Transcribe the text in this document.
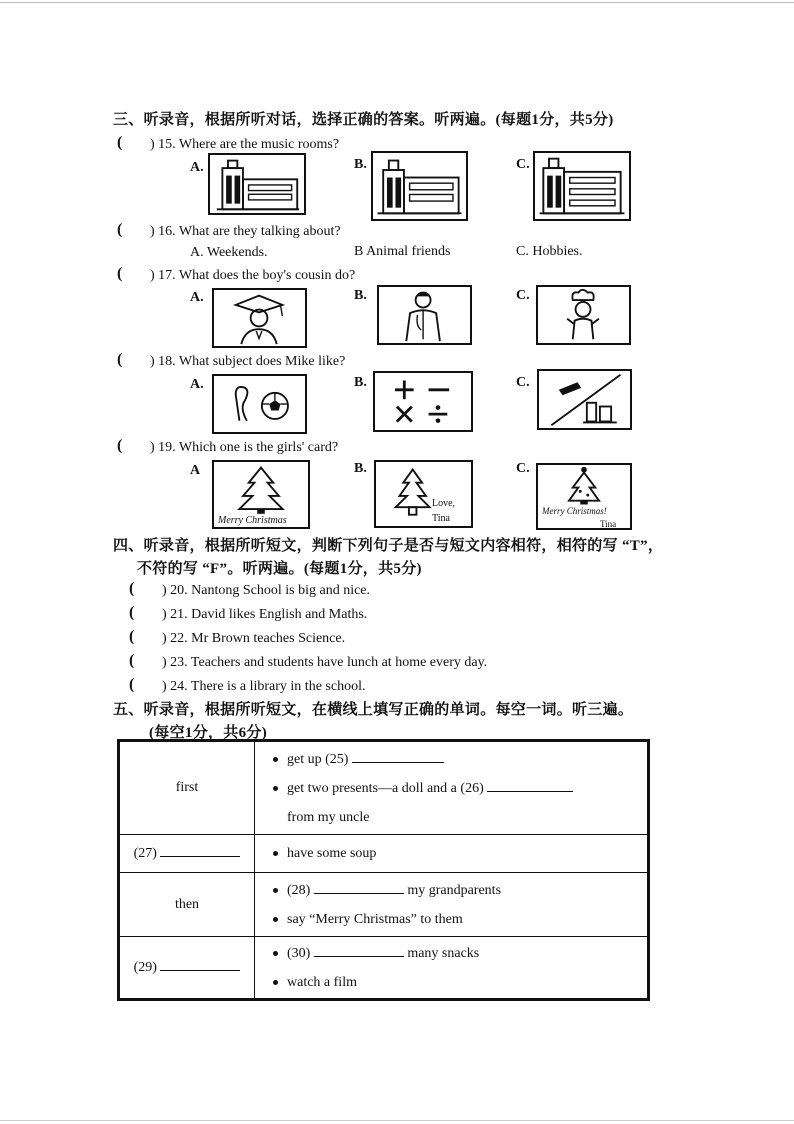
三、听录音，根据所听对话，选择正确的答案。听两遍。(每题1分，共5分)
( ) 15. Where are the music rooms?
A.	B.	C.
( ) 16. What are they talking about?
A. Weekends.	B Animal friends	C. Hobbies.
( ) 17. What does the boy's cousin do?
A.	B.	C.
( ) 18. What subject does Mike like?
A.	B.	C.
( ) 19. Which one is the girls' card?
A	B.	C.
Merry Christmas
Love,
Tina
Merry Christmas!
Tina
四、听录音，根据所听短文，判断下列句子是否与短文内容相符，相符的写 “T”，
不符的写 “F”。听两遍。(每题1分，共5分)
( ) 20. Nantong School is big and nice.
( ) 21. David likes English and Maths.
( ) 22. Mr Brown teaches Science.
( ) 23. Teachers and students have lunch at home every day.
( ) 24. There is a library in the school.
五、听录音，根据所听短文，在横线上填写正确的单词。每空一词。听三遍。
(每空1分，共6分)
first	get up (25)
get two presents—a doll and a (26)
from my uncle

(27)	have some soup

then	(28) my grandparents
say “Merry Christmas” to them

(29)	(30) many snacks
watch a film
